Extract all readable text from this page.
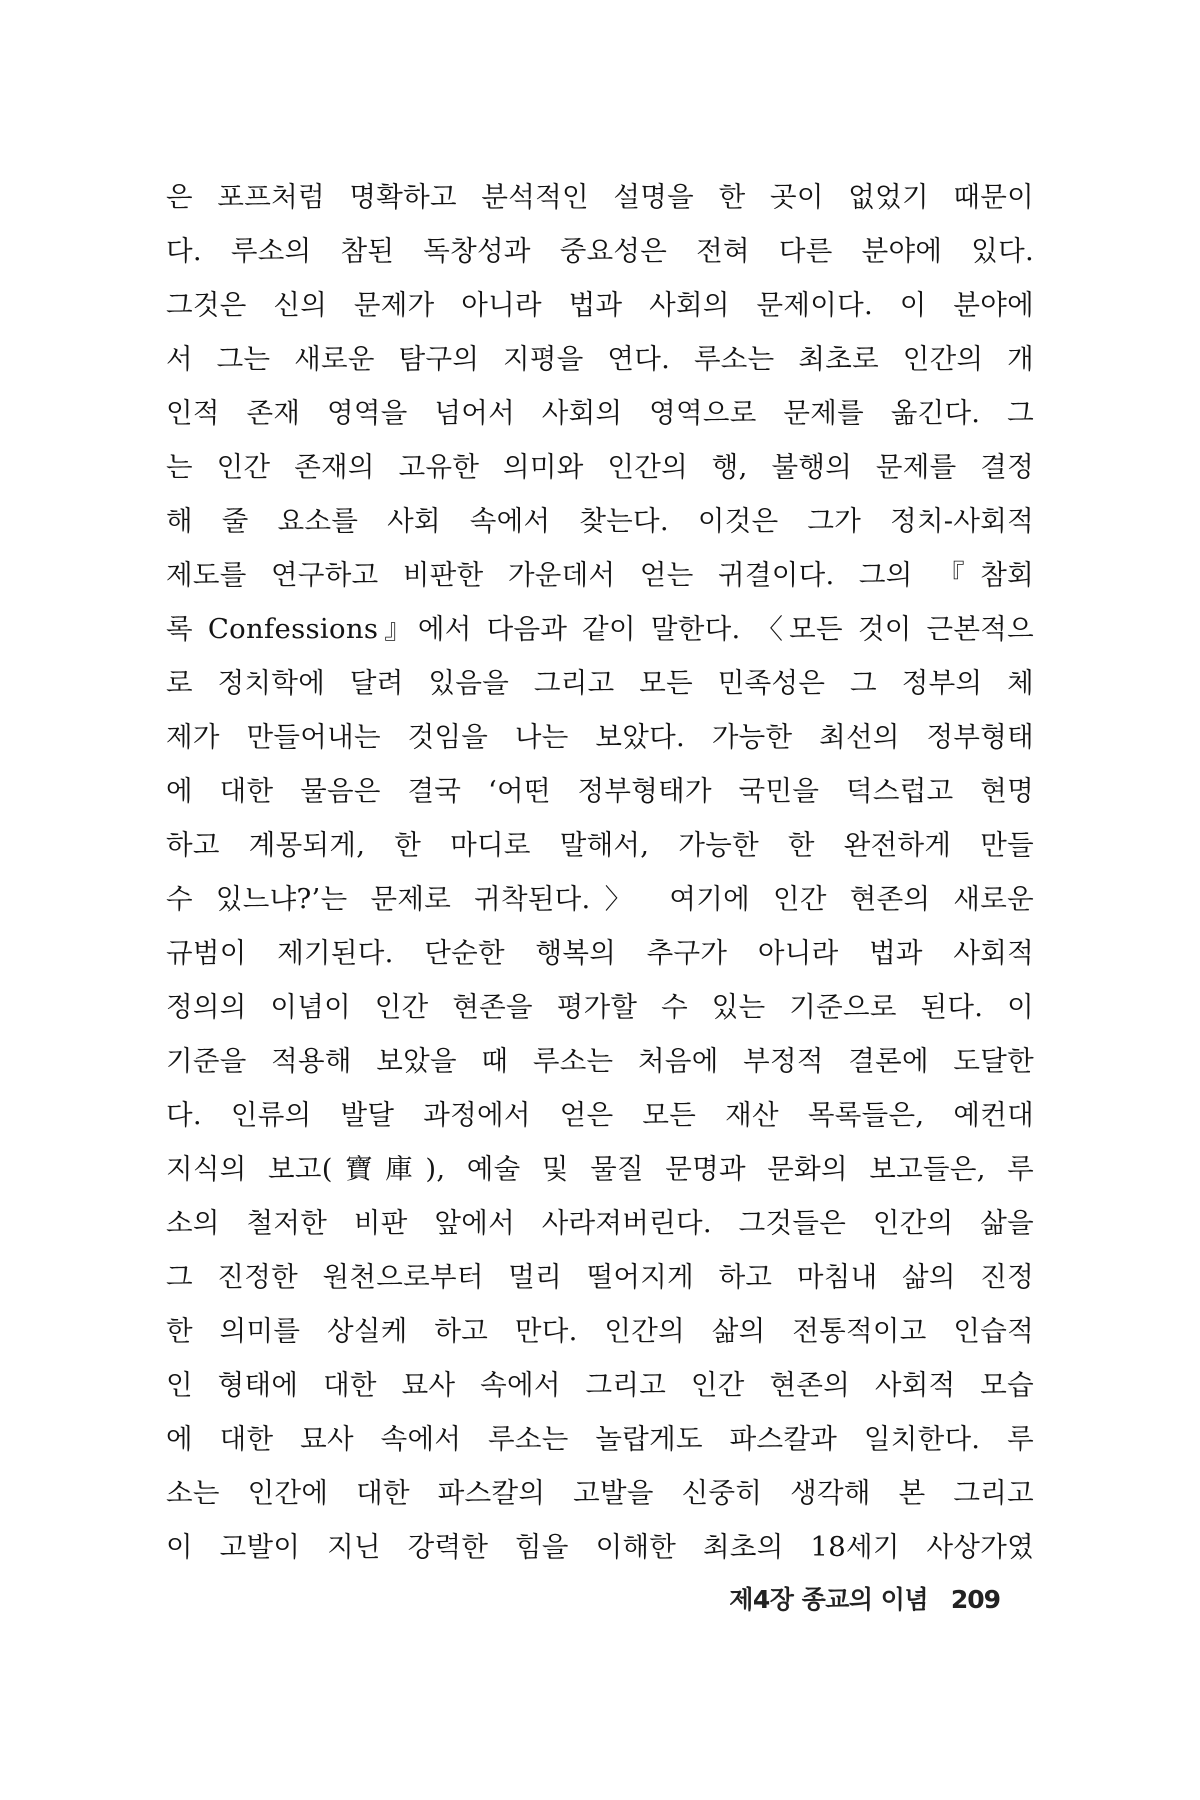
은 포프처럼 명확하고 분석적인 설명을 한 곳이 없었기 때문이
다. 루소의 참된 독창성과 중요성은 전혀 다른 분야에 있다.
그것은 신의 문제가 아니라 법과 사회의 문제이다. 이 분야에
서 그는 새로운 탐구의 지평을 연다. 루소는 최초로 인간의 개
인적 존재 영역을 넘어서 사회의 영역으로 문제를 옮긴다. 그
는 인간 존재의 고유한 의미와 인간의 행, 불행의 문제를 결정
해 줄 요소를 사회 속에서 찾는다. 이것은 그가 정치-사회적
제도를 연구하고 비판한 가운데서 얻는 귀결이다. 그의 『참회
록 Confessions』에서 다음과 같이 말한다. 〈모든 것이 근본적으
로 정치학에 달려 있음을 그리고 모든 민족성은 그 정부의 체
제가 만들어내는 것임을 나는 보았다. 가능한 최선의 정부형태
에 대한 물음은 결국 ‘어떤 정부형태가 국민을 덕스럽고 현명
하고 계몽되게, 한 마디로 말해서, 가능한 한 완전하게 만들
수 있느냐?’는 문제로 귀착된다.〉 여기에 인간 현존의 새로운
규범이 제기된다. 단순한 행복의 추구가 아니라 법과 사회적
정의의 이념이 인간 현존을 평가할 수 있는 기준으로 된다. 이
기준을 적용해 보았을 때 루소는 처음에 부정적 결론에 도달한
다. 인류의 발달 과정에서 얻은 모든 재산 목록들은, 예컨대
지식의 보고(寶庫), 예술 및 물질 문명과 문화의 보고들은, 루
소의 철저한 비판 앞에서 사라져버린다. 그것들은 인간의 삶을
그 진정한 원천으로부터 멀리 떨어지게 하고 마침내 삶의 진정
한 의미를 상실케 하고 만다. 인간의 삶의 전통적이고 인습적
인 형태에 대한 묘사 속에서 그리고 인간 현존의 사회적 모습
에 대한 묘사 속에서 루소는 놀랍게도 파스칼과 일치한다. 루
소는 인간에 대한 파스칼의 고발을 신중히 생각해 본 그리고
이 고발이 지닌 강력한 힘을 이해한 최초의 18세기 사상가였
제4장 종교의 이념 209
